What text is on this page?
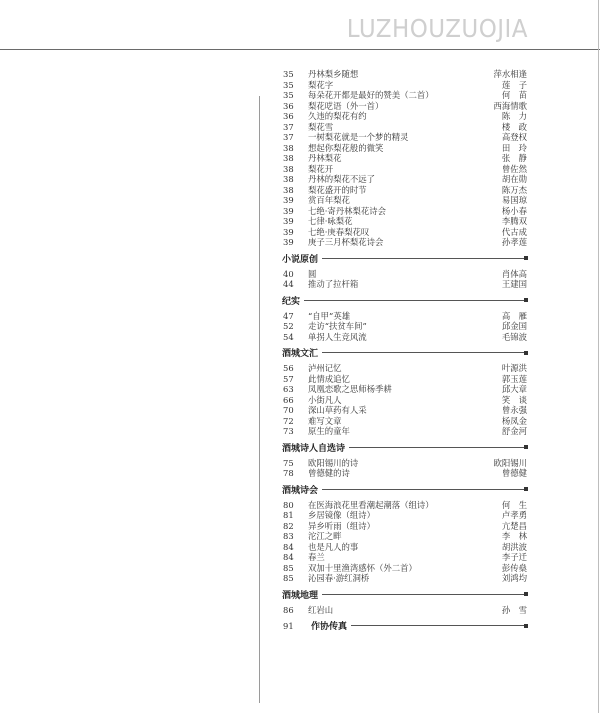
LUZHOUZUOJIA
35	丹林梨乡随想	萍水相逢
35	梨花字	莲　子
35	每朵花开都是最好的赞美（二首）	何　苗
36	梨花呓语（外一首）	西海情歌
36	久违的梨花有约	陈　力
37	梨花雪	楼　政
37	一树梨花就是一个梦的精灵	高登权
38	想起你梨花般的微笑	田　玲
38	丹林梨花	张　静
38	梨花开	曾佐然
38	丹林的梨花不远了	胡在勋
38	梨花盛开的时节	陈万杰
39	赏百年梨花	易国琼
39	七绝·寄丹林梨花诗会	杨小春
39	七律·咏梨花	李腾双
39	七绝·庚春梨花叹	代古成
39	庚子三月杯梨花诗会	孙孝莲
小说原创
40	圆	肖体高
44	推动了拉杆箱	王建国
纪实
47	“自甲”英雄	高　雁
52	走访“扶贫车间”	邱金国
54	单拐人生竞风流	毛锦波
酒城文汇
56	泸州记忆	叶源洪
57	此情成追忆	郭玉莲
63	凤凰恋歌之思师杨季耕	邱大章
66	小街凡人	笑　谈
70	深山草药有人采	曾永强
72	难写文章	杨凤金
73	原生的童年	舒金河
酒城诗人自选诗
75	欧阳锡川的诗	欧阳锡川
78	曾德健的诗	曾德健
酒城诗会
80	在医海浪花里看潮起潮落（组诗）	何　生
81	乡居镜像（组诗）	卢孝勇
82	异乡听雨（组诗）	亢楚昌
83	沱江之畔	李　林
84	也是凡人的事	胡洪波
84	春兰	李子迁
85	双加十里渔湾感怀（外二首）	彭传燊
85	沁园春·游红洞桥	刘鸿均
酒城地理
86	红岩山	孙　雪
91	作协传真
